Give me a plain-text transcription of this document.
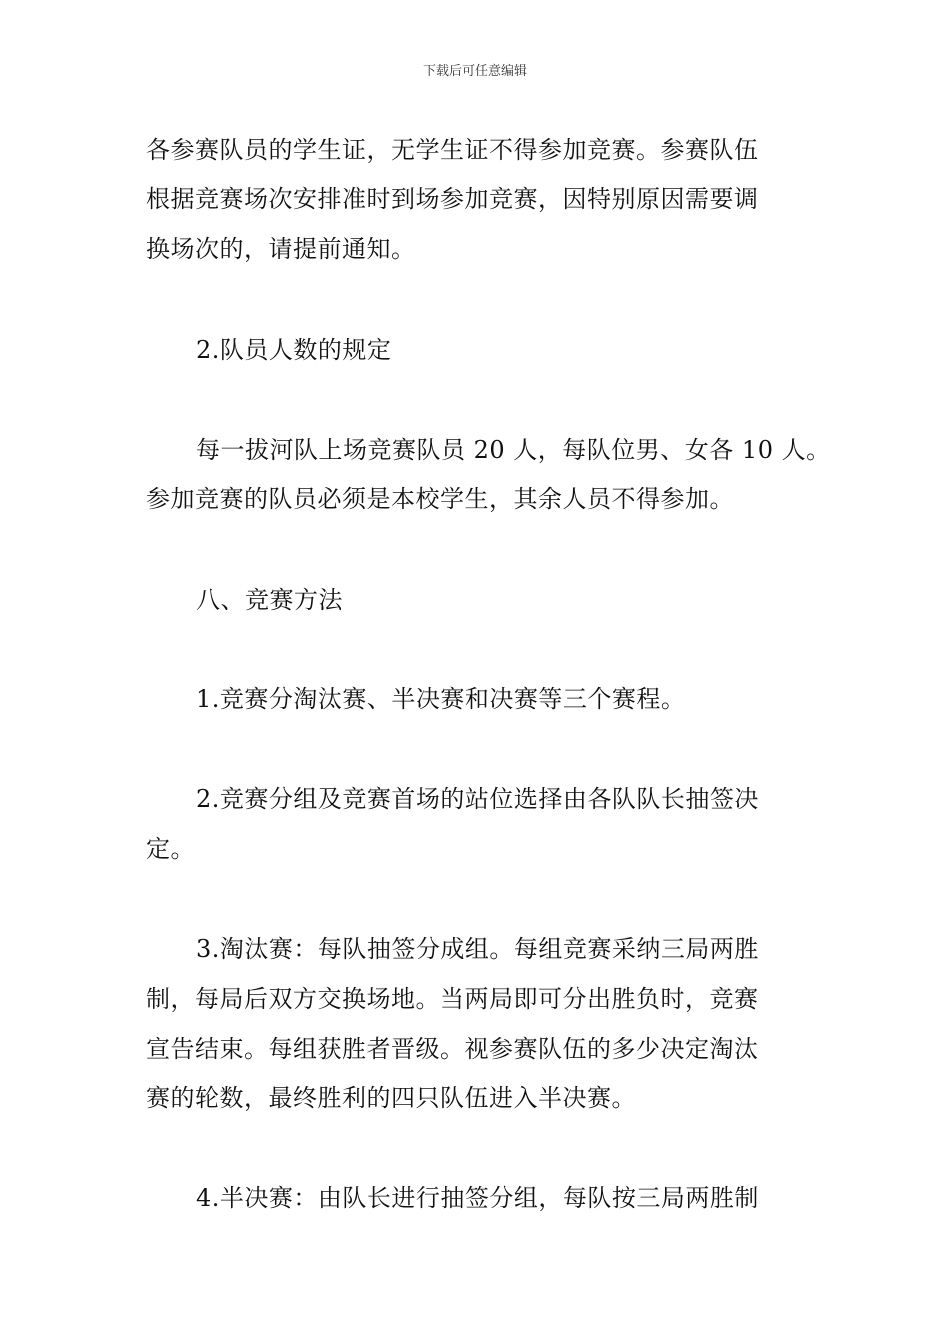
下载后可任意编辑
各参赛队员的学生证，无学生证不得参加竞赛。参赛队伍
根据竞赛场次安排准时到场参加竞赛，因特别原因需要调
换场次的，请提前通知。
2.队员人数的规定
每一拔河队上场竞赛队员 20 人，每队位男、女各 10 人。
参加竞赛的队员必须是本校学生，其余人员不得参加。
八、竞赛方法
1.竞赛分淘汰赛、半决赛和决赛等三个赛程。
2.竞赛分组及竞赛首场的站位选择由各队队长抽签决
定。
3.淘汰赛：每队抽签分成组。每组竞赛采纳三局两胜
制，每局后双方交换场地。当两局即可分出胜负时，竞赛
宣告结束。每组获胜者晋级。视参赛队伍的多少决定淘汰
赛的轮数，最终胜利的四只队伍进入半决赛。
4.半决赛：由队长进行抽签分组，每队按三局两胜制
